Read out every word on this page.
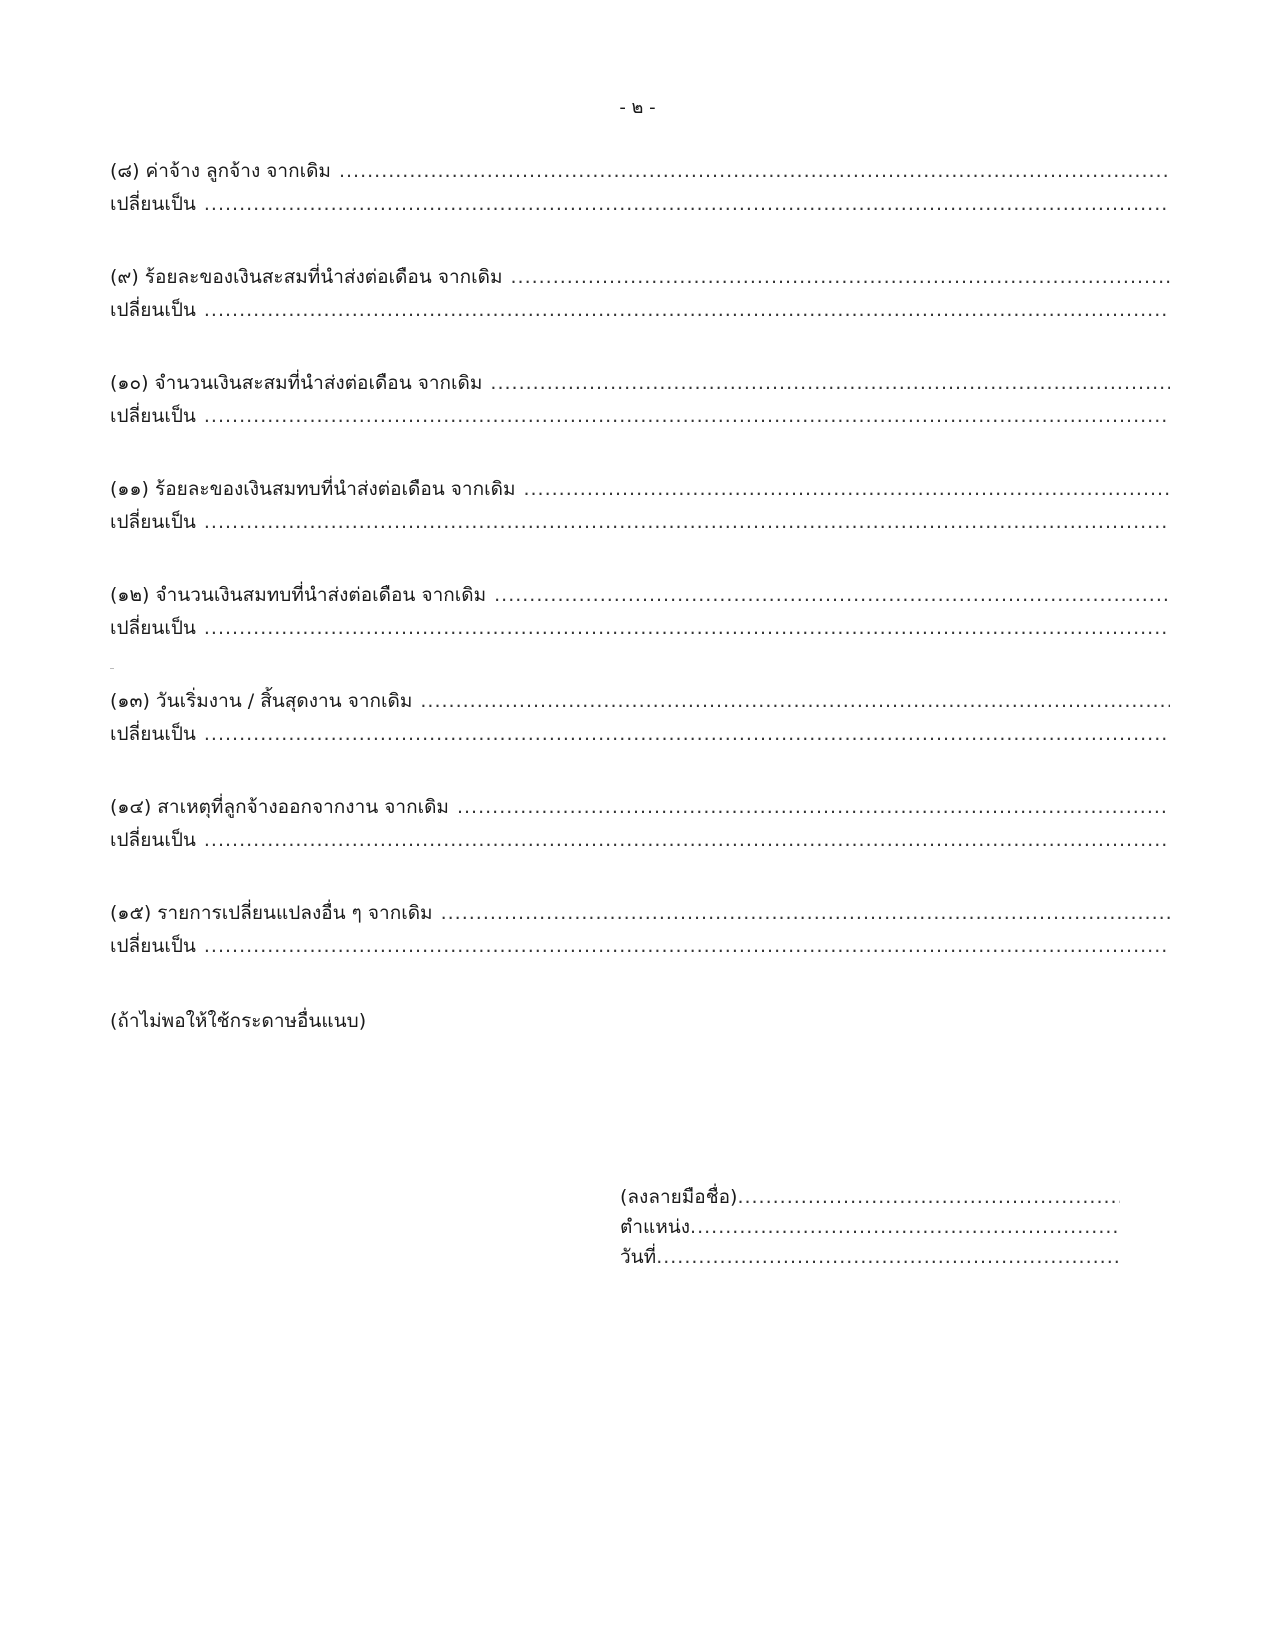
- ๒ -
(๘) ค่าจ้าง ลูกจ้าง จากเดิม
.....
เปลี่ยนเป็น
.....
(๙) ร้อยละของเงินสะสมที่นำส่งต่อเดือน จากเดิม
.....
เปลี่ยนเป็น
.....
(๑๐) จำนวนเงินสะสมที่นำส่งต่อเดือน จากเดิม
.....
เปลี่ยนเป็น
.....
(๑๑) ร้อยละของเงินสมทบที่นำส่งต่อเดือน จากเดิม
.....
เปลี่ยนเป็น
.....
(๑๒) จำนวนเงินสมทบที่นำส่งต่อเดือน จากเดิม
.....
เปลี่ยนเป็น
.....
(๑๓) วันเริ่มงาน / สิ้นสุดงาน จากเดิม
.....
เปลี่ยนเป็น
.....
(๑๔) สาเหตุที่ลูกจ้างออกจากงาน จากเดิม
.....
เปลี่ยนเป็น
.....
(๑๕) รายการเปลี่ยนแปลงอื่น ๆ จากเดิม
.....
เปลี่ยนเป็น
.....
(ถ้าไม่พอให้ใช้กระดาษอื่นแนบ)
(ลงลายมือชื่อ)
.....
ตำแหน่ง
.....
วันที่
.....
